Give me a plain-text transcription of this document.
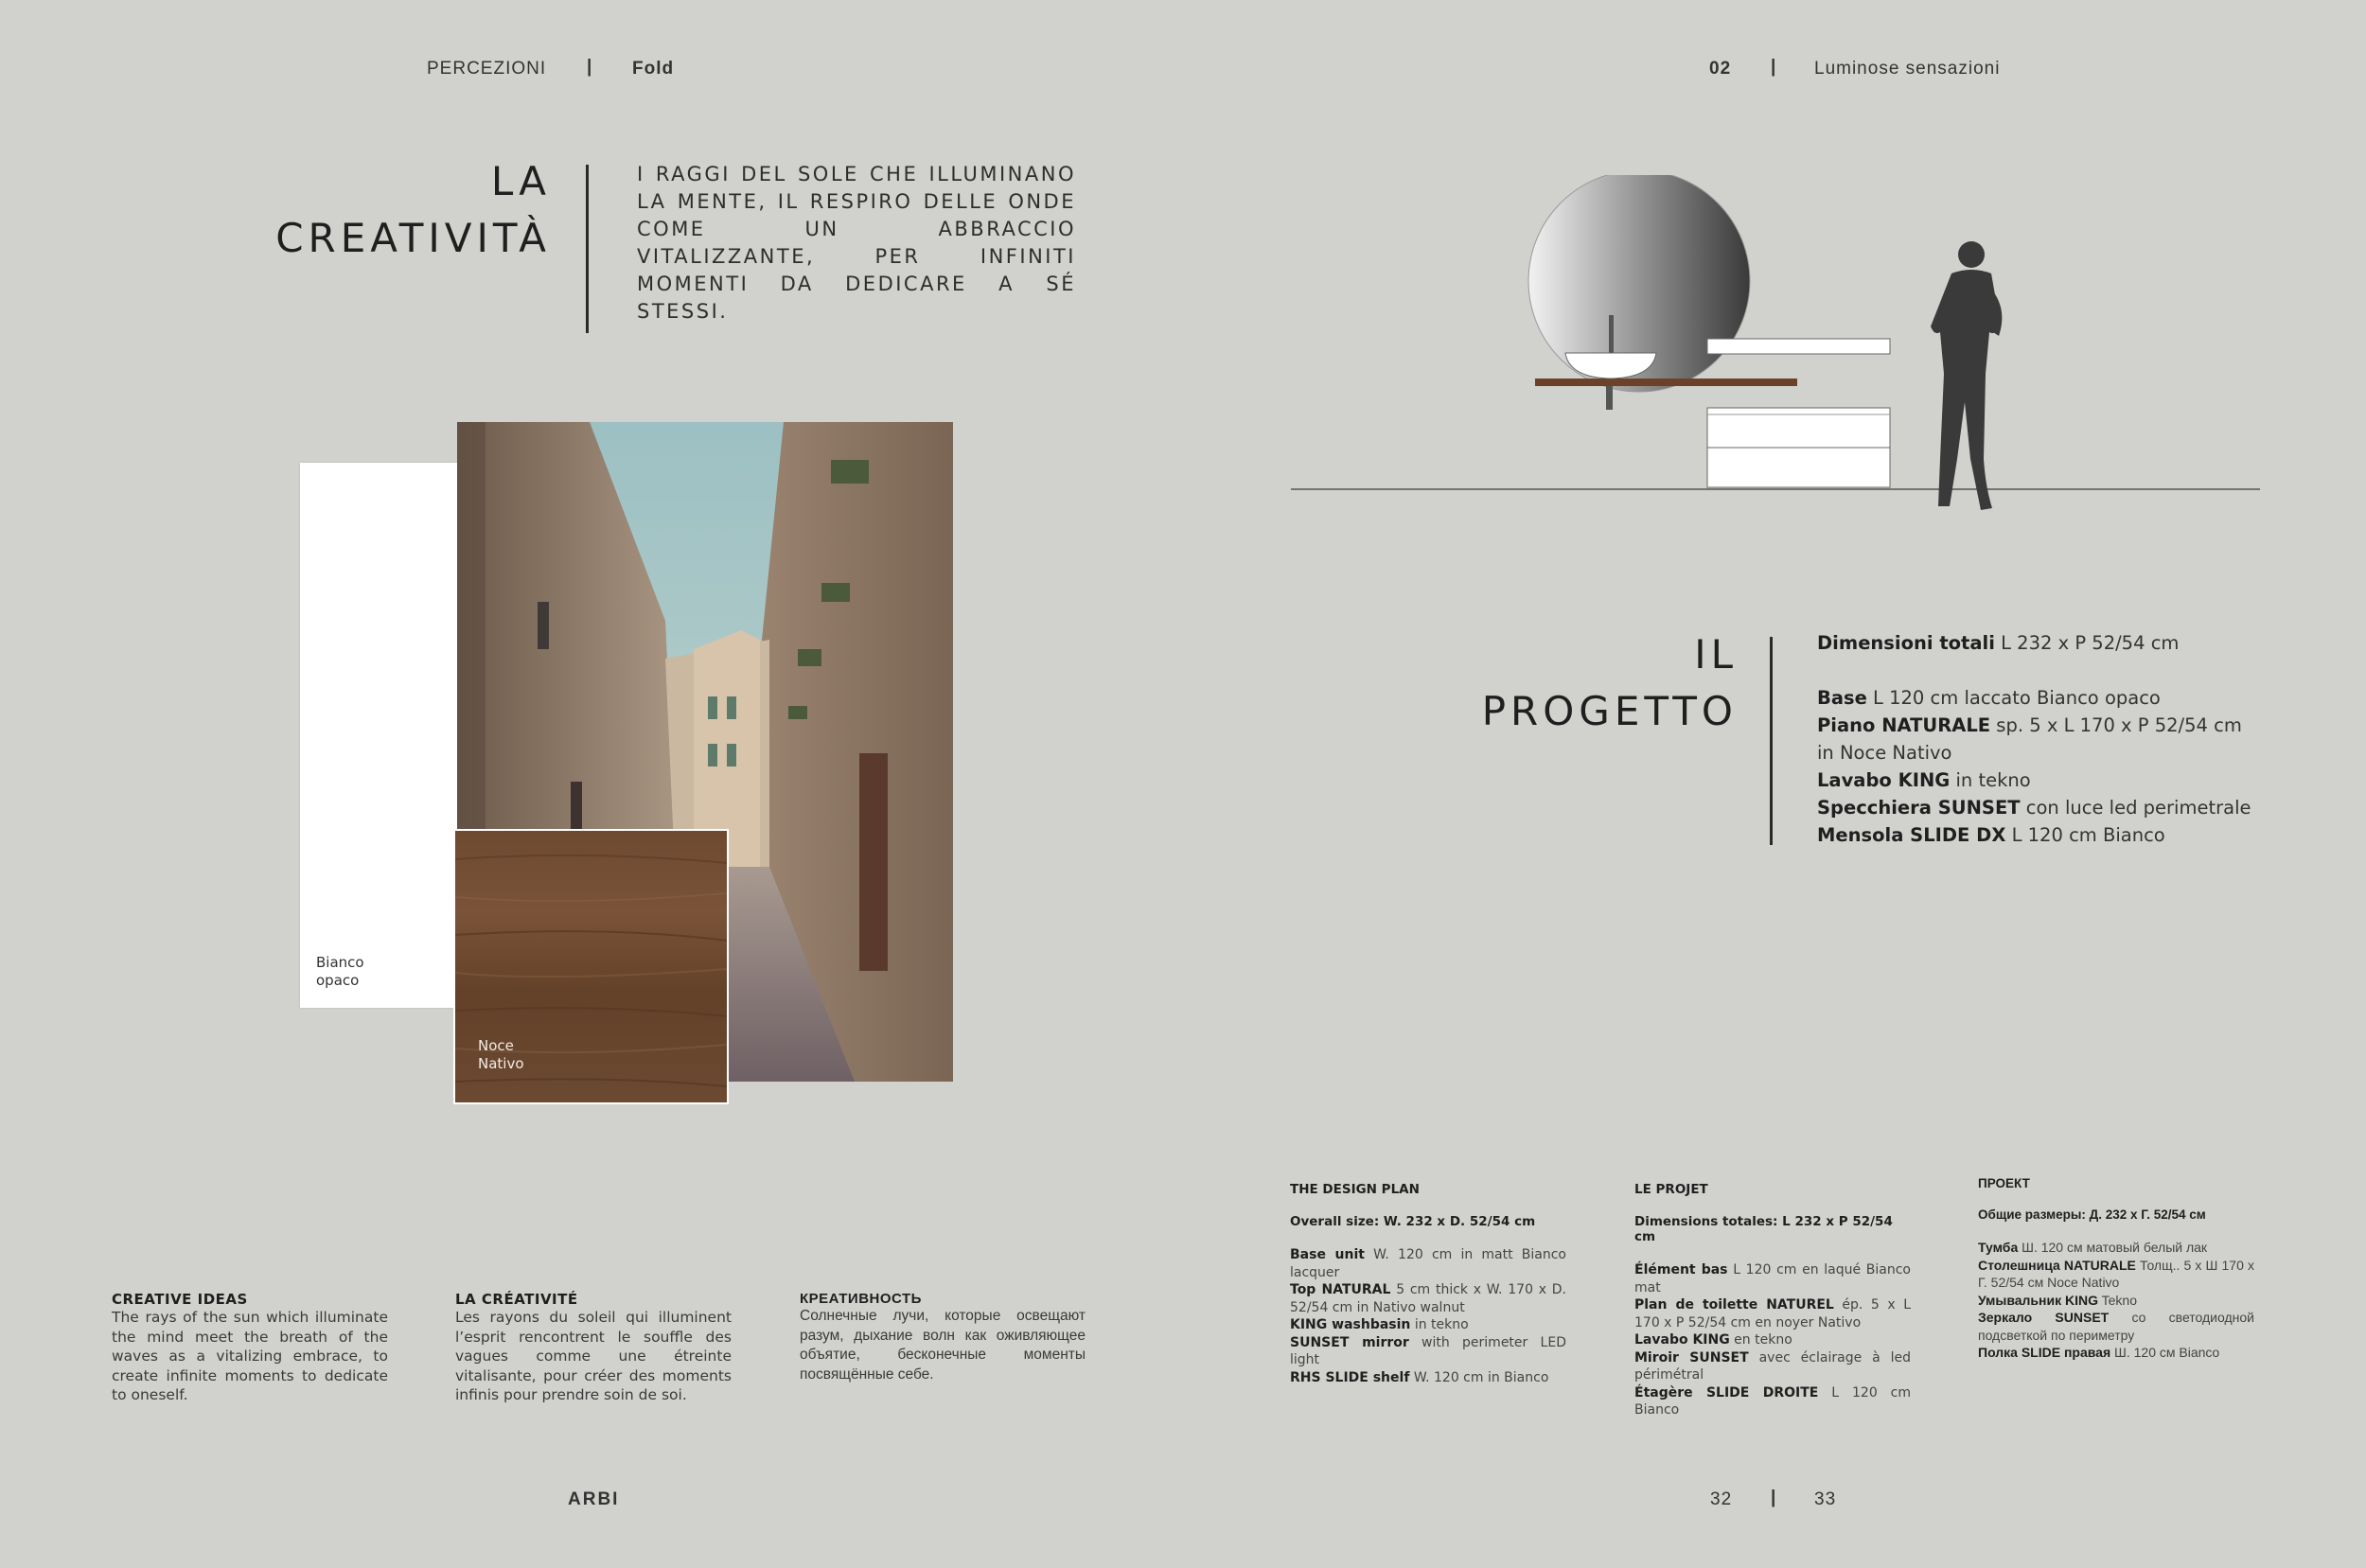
PERCEZIONI | Fold	02 | Luminose sensazioni
LA
CREATIVITÀ
I RAGGI DEL SOLE CHE ILLUMINANO LA MENTE, IL RESPIRO DELLE ONDE COME UN ABBRACCIO VITALIZZANTE, PER INFINITI MOMENTI DA DEDICARE A SÉ STESSI.
Bianco
opaco
Noce
Nativo
IL
PROGETTO
Dimensioni totali L 232 x P 52/54 cm
Base L 120 cm laccato Bianco opaco
Piano NATURALE sp. 5 x L 170 x P 52/54 cm in Noce Nativo
Lavabo KING in tekno
Specchiera SUNSET con luce led perimetrale
Mensola SLIDE DX L 120 cm Bianco
CREATIVE IDEAS
The rays of the sun which illuminate the mind meet the breath of the waves as a vitalizing embrace, to create infinite moments to dedicate to oneself.
LA CRÉATIVITÉ
Les rayons du soleil qui illuminent l’esprit rencontrent le souffle des vagues comme une étreinte vitalisante, pour créer des moments infinis pour prendre soin de soi.
КРЕАТИВНОСТЬ
Солнечные лучи, которые освещают разум, дыхание волн как оживляющее объятие, бесконечные моменты посвящённые себе.
THE DESIGN PLAN
Overall size: W. 232 x D. 52/54 cm
Base unit W. 120 cm in matt Bianco lacquer
Top NATURAL 5 cm thick x W. 170 x D. 52/54 cm in Nativo walnut
KING washbasin in tekno
SUNSET mirror with perimeter LED light
RHS SLIDE shelf W. 120 cm in Bianco
LE PROJET
Dimensions totales: L 232 x P 52/54 cm
Élément bas L 120 cm en laqué Bianco mat
Plan de toilette NATUREL ép. 5 x L 170 x P 52/54 cm en noyer Nativo
Lavabo KING en tekno
Miroir SUNSET avec éclairage à led périmétral
Étagère SLIDE DROITE L 120 cm Bianco
ПРОЕКТ
Общие размеры: Д. 232 x Г. 52/54 см
Тумба Ш. 120 см матовый белый лак
Столешница NATURALE Толщ.. 5 x Ш 170 x Г. 52/54 см Noce Nativo
Умывальник KING Tekno
Зеркало SUNSET со светодиодной подсветкой по периметру
Полка SLIDE правая Ш. 120 см Bianco
ARBI	32 | 33
